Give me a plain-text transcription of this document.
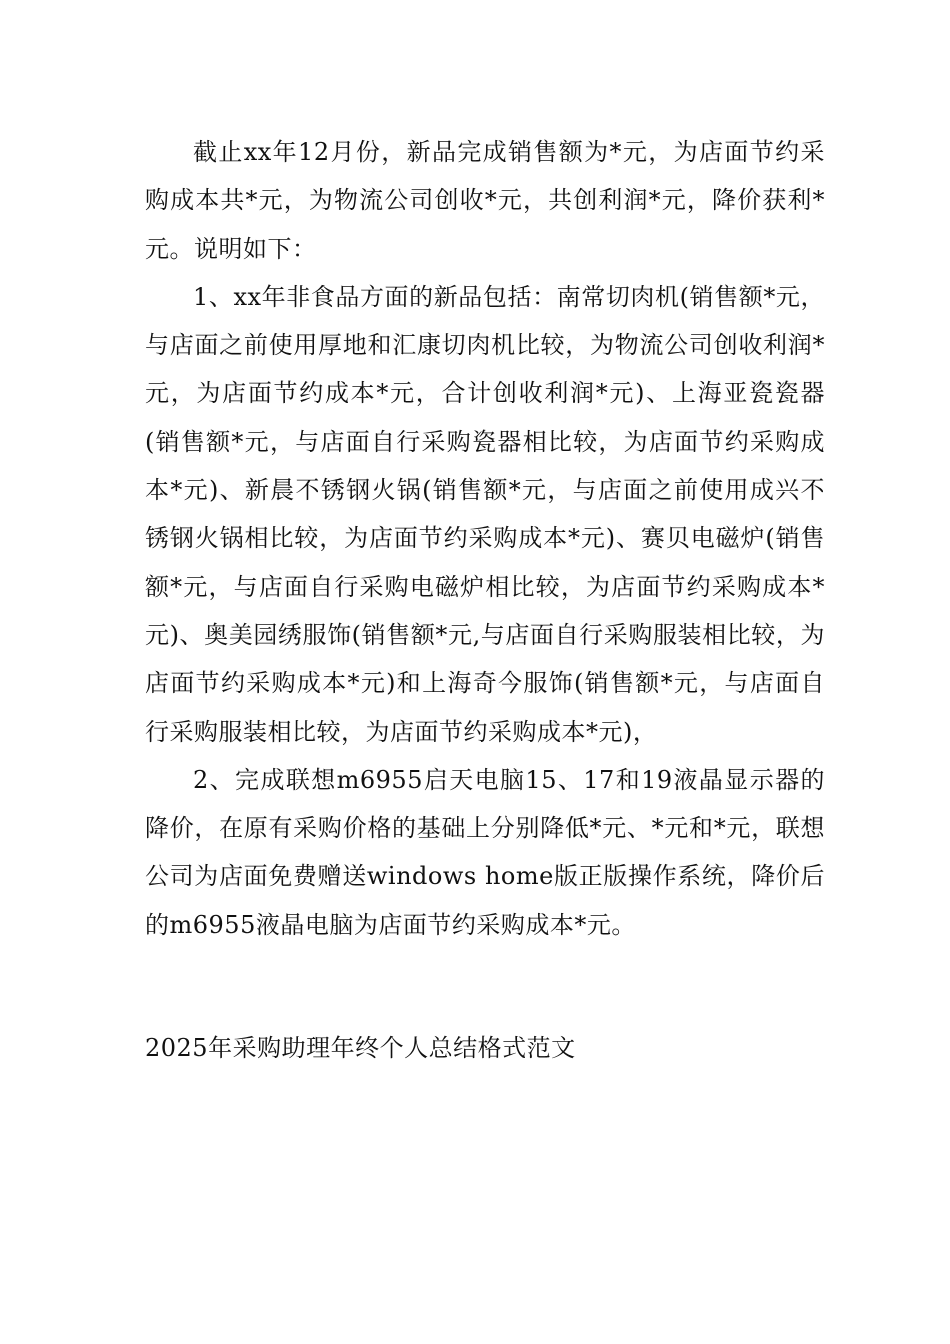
截止xx年12月份，新品完成销售额为*元，为店面节约采购成本共*元，为物流公司创收*元，共创利润*元，降价获利*元。说明如下：

1、xx年非食品方面的新品包括：南常切肉机(销售额*元，与店面之前使用厚地和汇康切肉机比较，为物流公司创收利润*元，为店面节约成本*元，合计创收利润*元)、上海亚瓷瓷器(销售额*元，与店面自行采购瓷器相比较，为店面节约采购成本*元)、新晨不锈钢火锅(销售额*元，与店面之前使用成兴不锈钢火锅相比较，为店面节约采购成本*元)、赛贝电磁炉(销售额*元，与店面自行采购电磁炉相比较，为店面节约采购成本*元)、奥美园绣服饰(销售额*元,与店面自行采购服装相比较，为店面节约采购成本*元)和上海奇今服饰(销售额*元，与店面自行采购服装相比较，为店面节约采购成本*元)，

2、完成联想m6955启天电脑15、17和19液晶显示器的降价，在原有采购价格的基础上分别降低*元、*元和*元，联想公司为店面免费赠送windows home版正版操作系统，降价后的m6955液晶电脑为店面节约采购成本*元。

2025年采购助理年终个人总结格式范文
